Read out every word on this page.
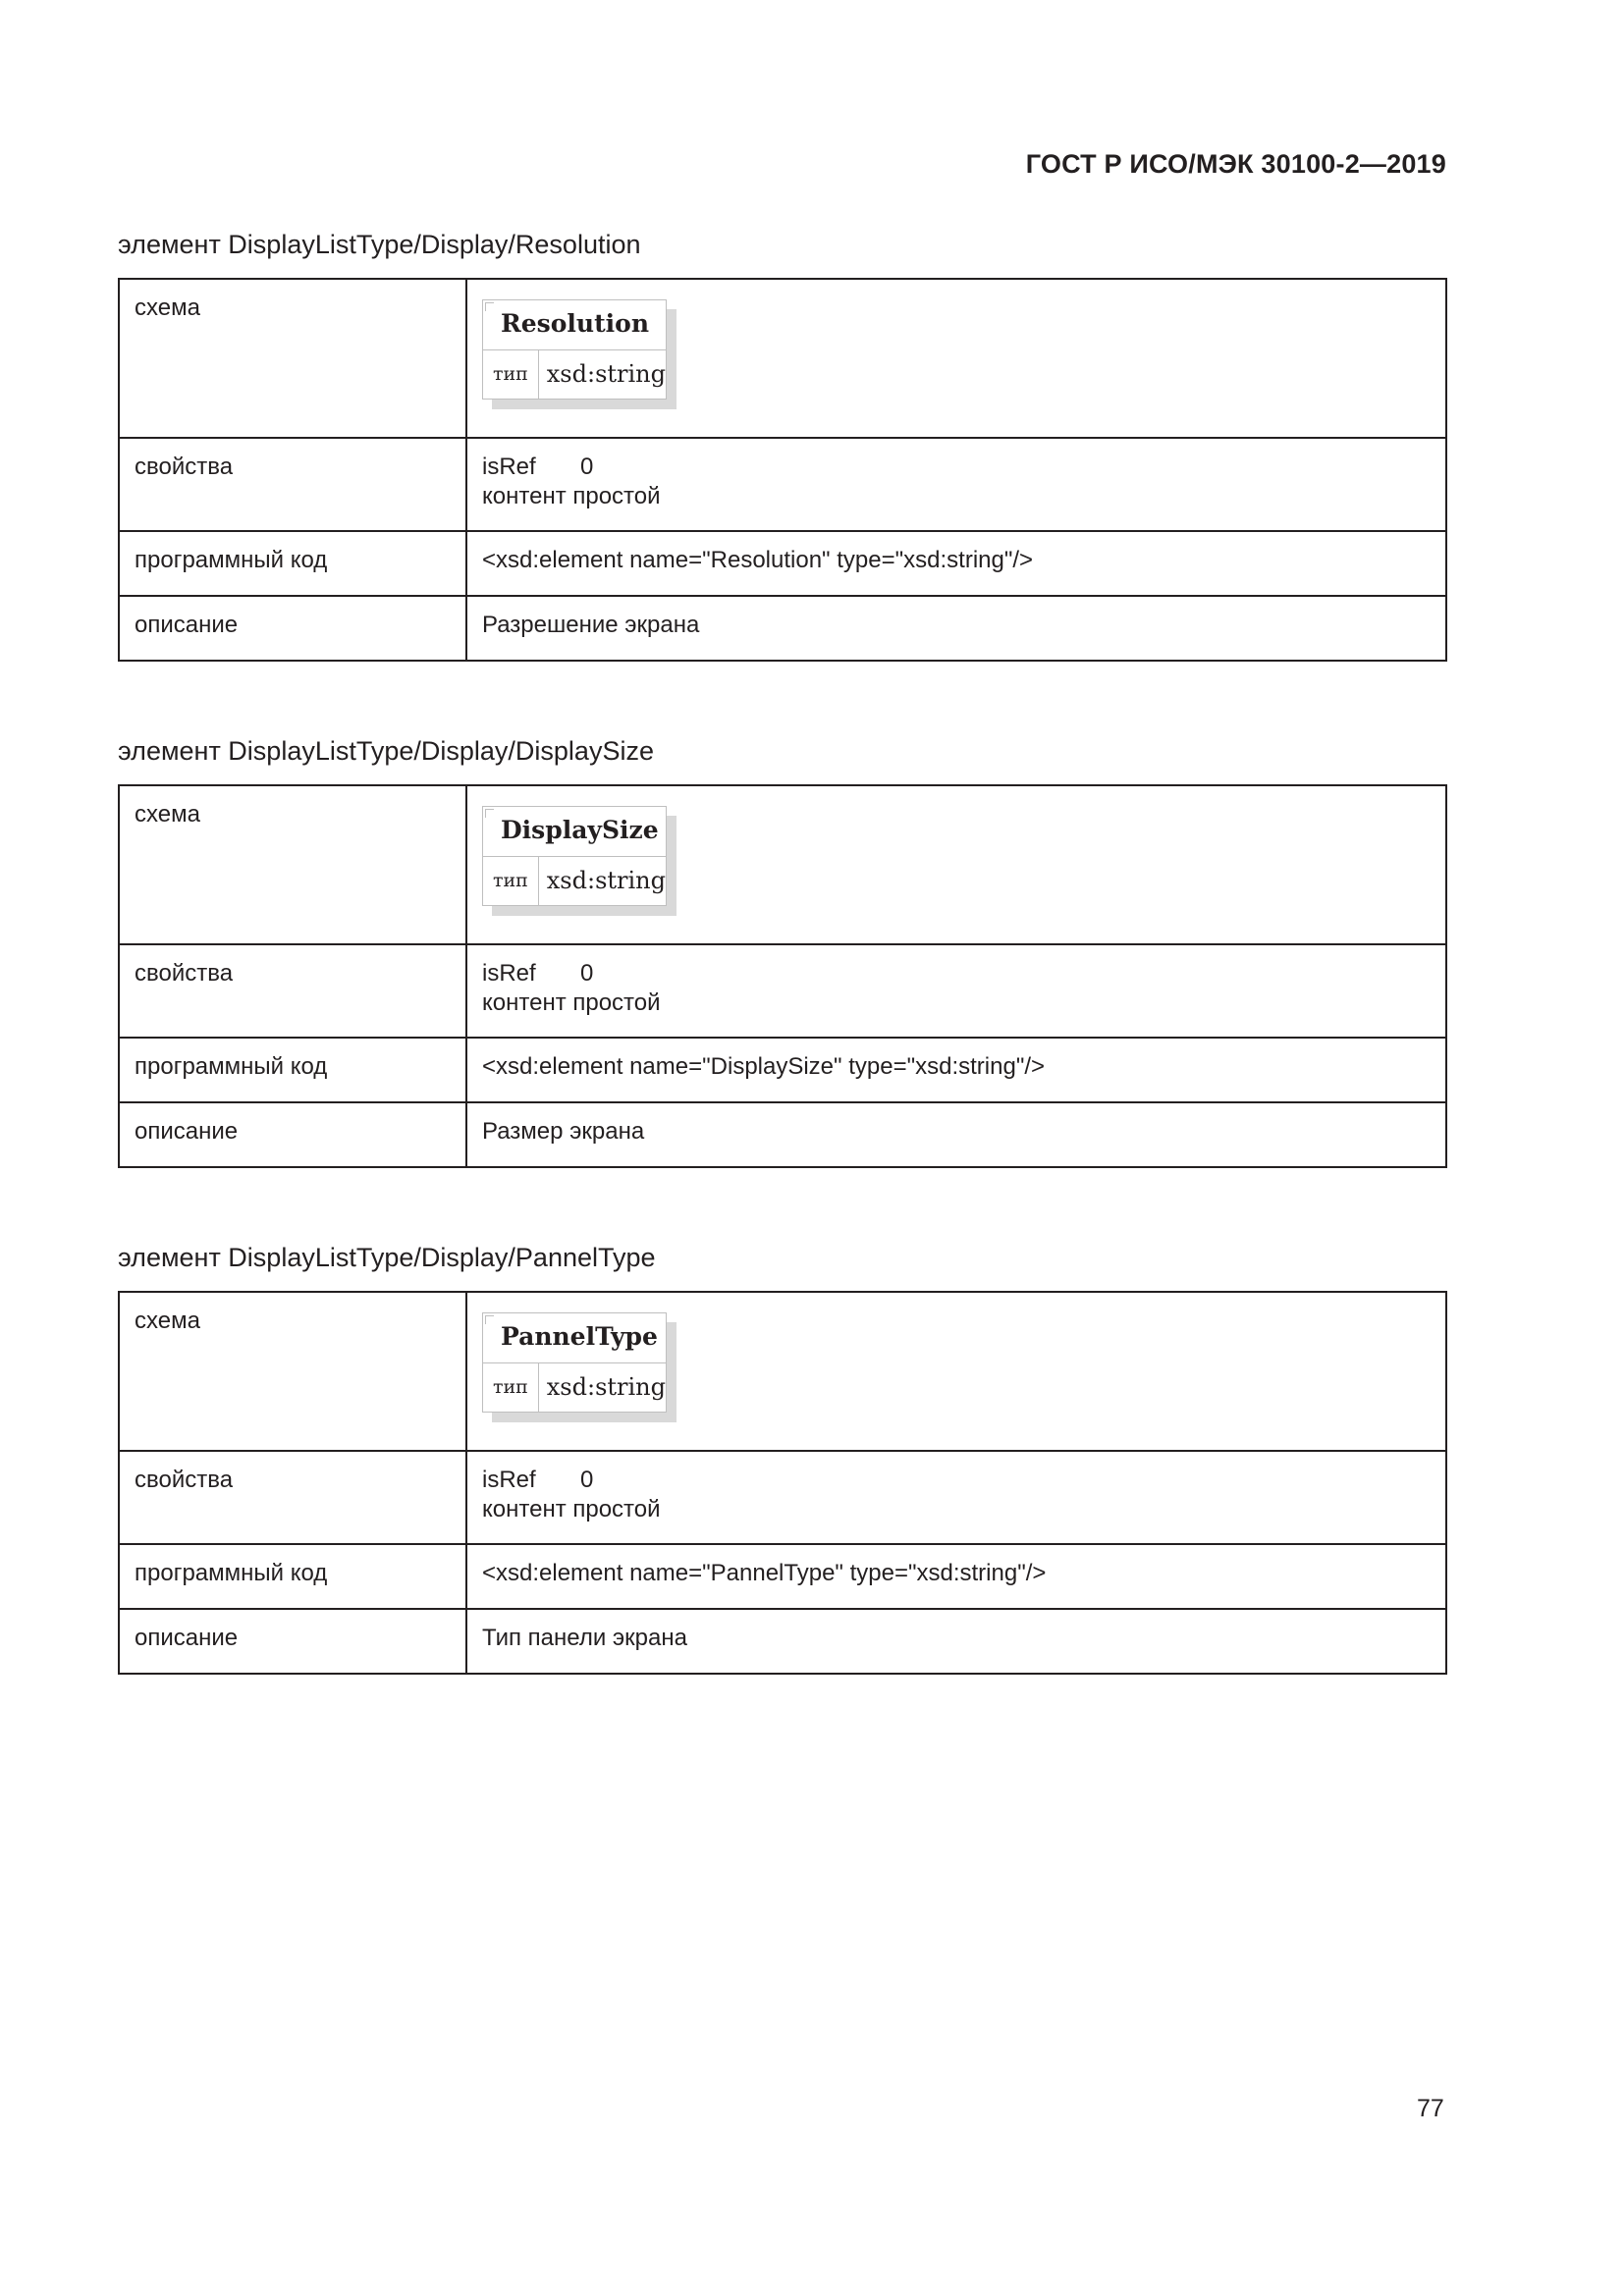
ГОСТ Р ИСО/МЭК 30100-2—2019
элемент DisplayListType/Display/Resolution
схема	Resolution
тип xsd:string

свойства	isRef 0
контент простой

программный код	<xsd:element name="Resolution" type="xsd:string"/>
описание	Разрешение экрана
элемент DisplayListType/Display/DisplaySize
схема	DisplaySize
тип xsd:string

свойства	isRef 0
контент простой

программный код	<xsd:element name="DisplaySize" type="xsd:string"/>
описание	Размер экрана
элемент DisplayListType/Display/PannelType
схема	PannelType
тип xsd:string

свойства	isRef 0
контент простой

программный код	<xsd:element name="PannelType" type="xsd:string"/>
описание	Тип панели экрана
77
